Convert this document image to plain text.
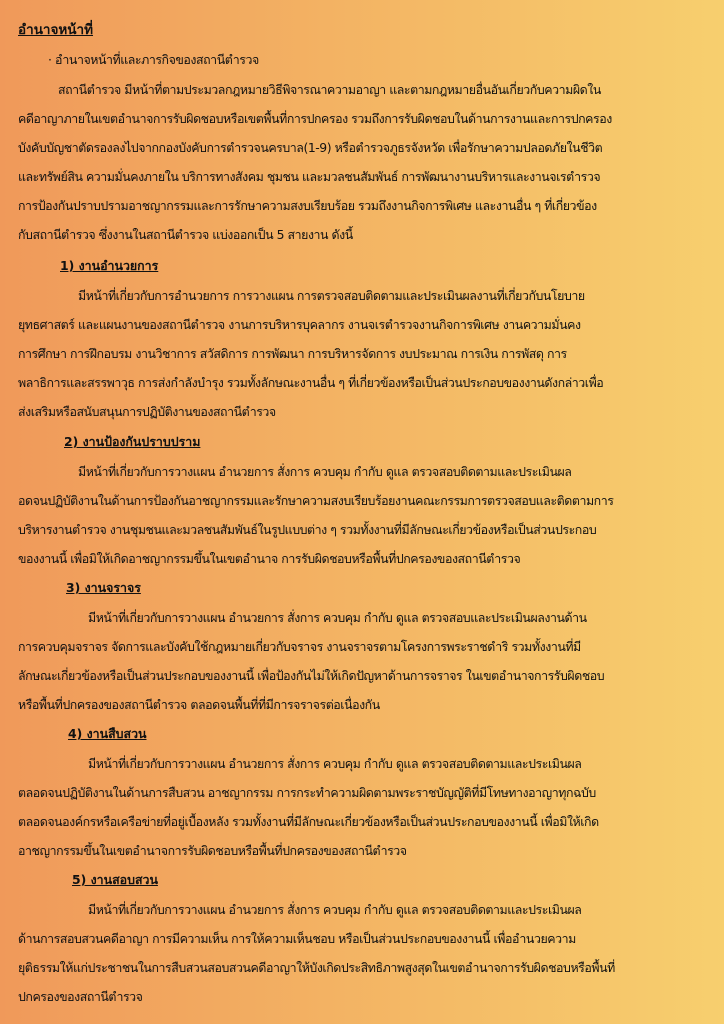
อำนาจหน้าที่
· อำนาจหน้าที่และภารกิจของสถานีตำรวจ
สถานีตำรวจ มีหน้าที่ตามประมวลกฎหมายวิธีพิจารณาความอาญา และตามกฎหมายอื่นอันเกี่ยวกับความผิดใน
คดีอาญาภายในเขตอำนาจการรับผิดชอบหรือเขตพื้นที่การปกครอง รวมถึงการรับผิดชอบในด้านการงานและการปกครอง
บังคับบัญชาตัดรองลงไปจากกองบังคับการตำรวจนครบาล(1-9) หรือตำรวจภูธรจังหวัด เพื่อรักษาความปลอดภัยในชีวิต
และทรัพย์สิน ความมั่นคงภายใน บริการทางสังคม ชุมชน และมวลชนสัมพันธ์ การพัฒนางานบริหารและงานจเรตำรวจ
การป้องกันปราบปรามอาชญากรรมและการรักษาความสงบเรียบร้อย รวมถึงงานกิจการพิเศษ และงานอื่น ๆ ที่เกี่ยวข้อง
กับสถานีตำรวจ ซึ่งงานในสถานีตำรวจ แบ่งออกเป็น 5 สายงาน ดังนี้
1) งานอำนวยการ
มีหน้าที่เกี่ยวกับการอำนวยการ การวางแผน การตรวจสอบติดตามและประเมินผลงานที่เกี่ยวกับนโยบาย
ยุทธศาสตร์ และแผนงานของสถานีตำรวจ งานการบริหารบุคลากร งานจเรตำรวจงานกิจการพิเศษ งานความมั่นคง
การศึกษา การฝึกอบรม งานวิชาการ สวัสดิการ การพัฒนา การบริหารจัดการ งบประมาณ การเงิน การพัสดุ การ
พลาธิการและสรรพาวุธ การส่งกำลังบำรุง รวมทั้งลักษณะงานอื่น ๆ ที่เกี่ยวข้องหรือเป็นส่วนประกอบของงานดังกล่าวเพื่อ
ส่งเสริมหรือสนับสนุนการปฏิบัติงานของสถานีตำรวจ
2) งานป้องกันปราบปราม
มีหน้าที่เกี่ยวกับการวางแผน อำนวยการ สั่งการ ควบคุม กำกับ ดูแล ตรวจสอบติดตามและประเมินผล
อดจนปฏิบัติงานในด้านการป้องกันอาชญากรรมและรักษาความสงบเรียบร้อยงานคณะกรรมการตรวจสอบและติดตามการ
บริหารงานตำรวจ งานชุมชนและมวลชนสัมพันธ์ในรูปแบบต่าง ๆ รวมทั้งงานที่มีลักษณะเกี่ยวข้องหรือเป็นส่วนประกอบ
ของงานนี้ เพื่อมิให้เกิดอาชญากรรมขึ้นในเขตอำนาจ การรับผิดชอบหรือพื้นที่ปกครองของสถานีตำรวจ
3) งานจราจร
มีหน้าที่เกี่ยวกับการวางแผน อำนวยการ สั่งการ ควบคุม กำกับ ดูแล ตรวจสอบและประเมินผลงานด้าน
การควบคุมจราจร จัดการและบังคับใช้กฎหมายเกี่ยวกับจราจร งานจราจรตามโครงการพระราชดำริ รวมทั้งงานที่มี
ลักษณะเกี่ยวข้องหรือเป็นส่วนประกอบของงานนี้ เพื่อป้องกันไม่ให้เกิดปัญหาด้านการจราจร ในเขตอำนาจการรับผิดชอบ
หรือพื้นที่ปกครองของสถานีตำรวจ ตลอดจนพื้นที่ที่มีการจราจรต่อเนื่องกัน
4) งานสืบสวน
มีหน้าที่เกี่ยวกับการวางแผน อำนวยการ สั่งการ ควบคุม กำกับ ดูแล ตรวจสอบติดตามและประเมินผล
ตลอดจนปฏิบัติงานในด้านการสืบสวน อาชญากรรม การกระทำความผิดตามพระราชบัญญัติที่มีโทษทางอาญาทุกฉบับ
ตลอดจนองค์กรหรือเครือข่ายที่อยู่เบื้องหลัง รวมทั้งงานที่มีลักษณะเกี่ยวข้องหรือเป็นส่วนประกอบของงานนี้ เพื่อมิให้เกิด
อาชญากรรมขึ้นในเขตอำนาจการรับผิดชอบหรือพื้นที่ปกครองของสถานีตำรวจ
5) งานสอบสวน
มีหน้าที่เกี่ยวกับการวางแผน อำนวยการ สั่งการ ควบคุม กำกับ ดูแล ตรวจสอบติดตามและประเมินผล
ด้านการสอบสวนคดีอาญา การมีความเห็น การให้ความเห็นชอบ หรือเป็นส่วนประกอบของงานนี้ เพื่ออำนวยความ
ยุติธรรมให้แก่ประชาชนในการสืบสวนสอบสวนคดีอาญาให้บังเกิดประสิทธิภาพสูงสุดในเขตอำนาจการรับผิดชอบหรือพื้นที่
ปกครองของสถานีตำรวจ
